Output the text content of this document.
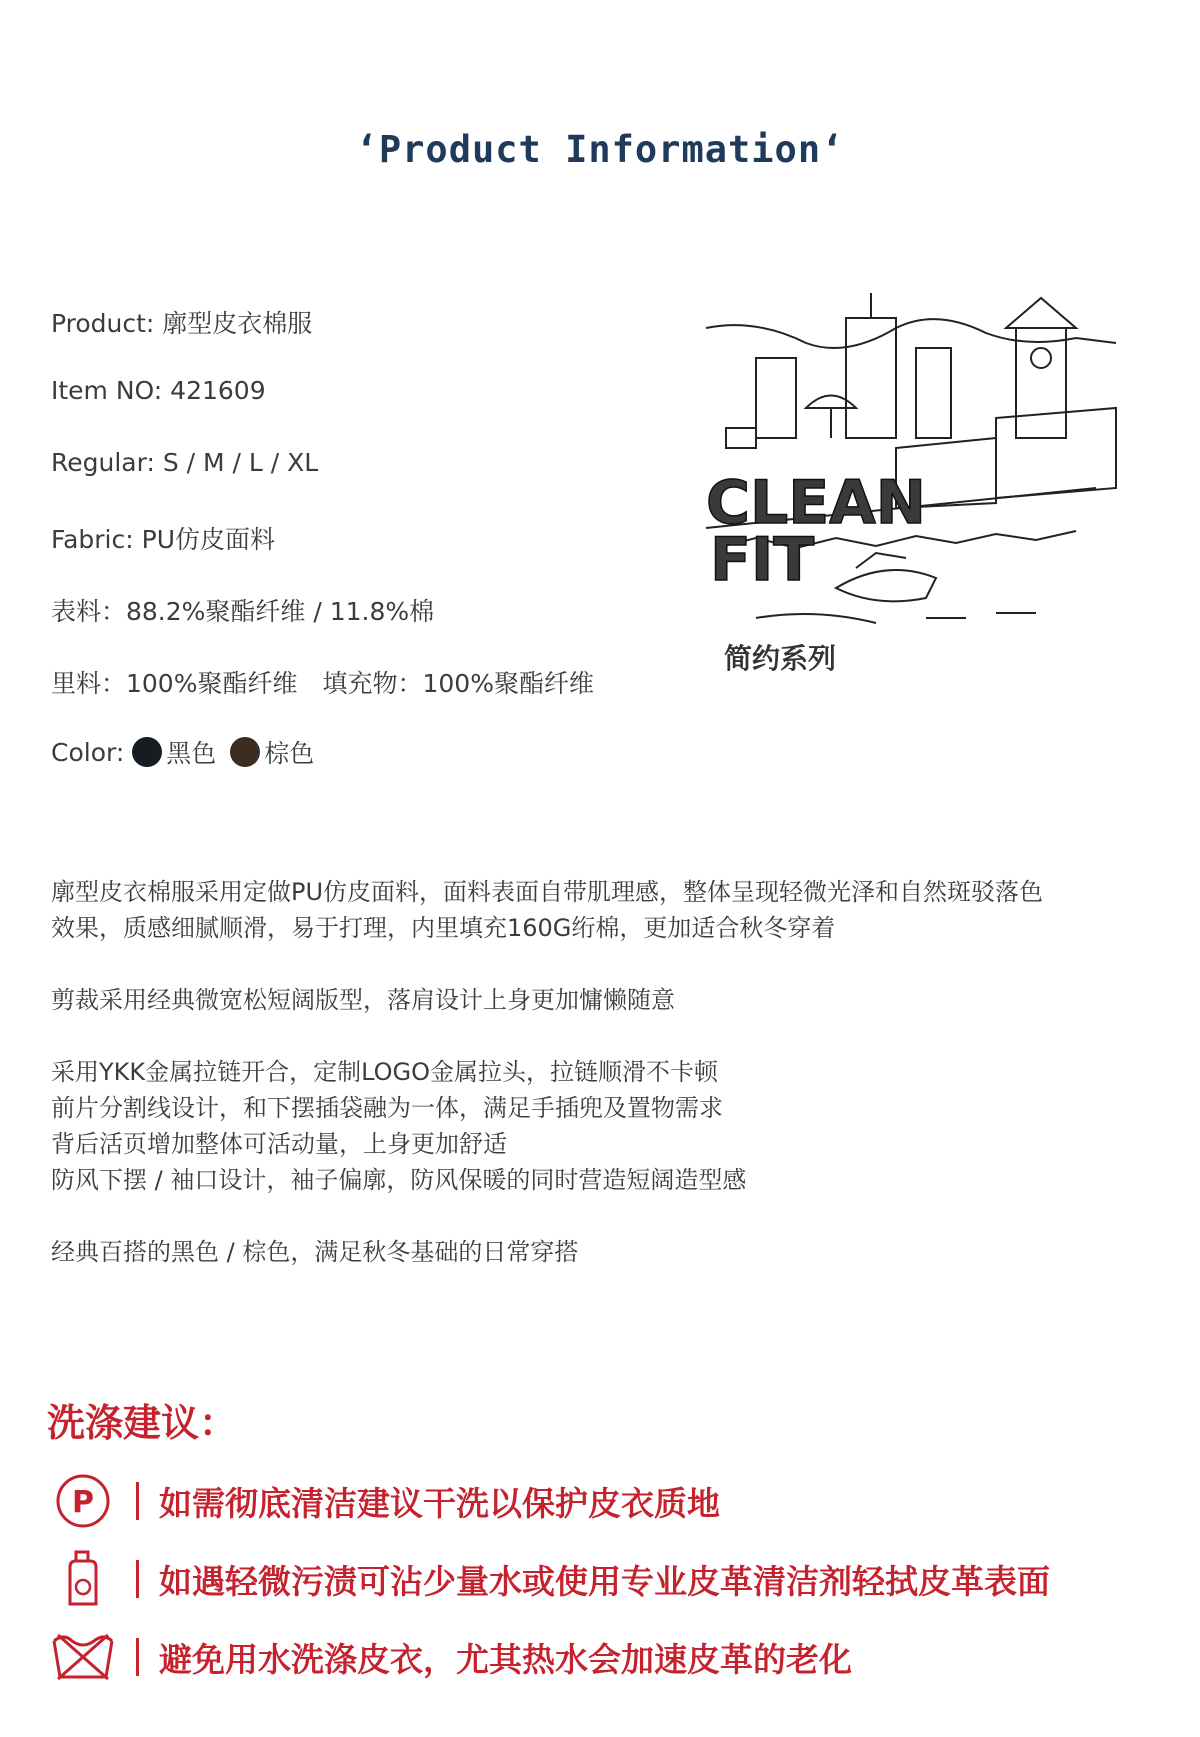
‘Product Information‘
Product: 廓型皮衣棉服
Item NO: 421609
Regular: S / M / L / XL
Fabric: PU仿皮面料
表料：88.2%聚酯纤维 / 11.8%棉
里料：100%聚酯纤维　填充物：100%聚酯纤维
Color: 黑色 棕色
CLEAN
FIT
简约系列

廓型皮衣棉服采用定做PU仿皮面料，面料表面自带肌理感，整体呈现轻微光泽和自然斑驳落色

效果，质感细腻顺滑，易于打理，内里填充160G绗棉，更加适合秋冬穿着

剪裁采用经典微宽松短阔版型，落肩设计上身更加慵懒随意

采用YKK金属拉链开合，定制LOGO金属拉头，拉链顺滑不卡顿

前片分割线设计，和下摆插袋融为一体，满足手插兜及置物需求

背后活页增加整体可活动量，上身更加舒适

防风下摆 / 袖口设计，袖子偏廓，防风保暖的同时营造短阔造型感

经典百搭的黑色 / 棕色，满足秋冬基础的日常穿搭

洗涤建议：
P 如需彻底清洁建议干洗以保护皮衣质地
如遇轻微污渍可沾少量水或使用专业皮革清洁剂轻拭皮革表面
避免用水洗涤皮衣，尤其热水会加速皮革的老化
